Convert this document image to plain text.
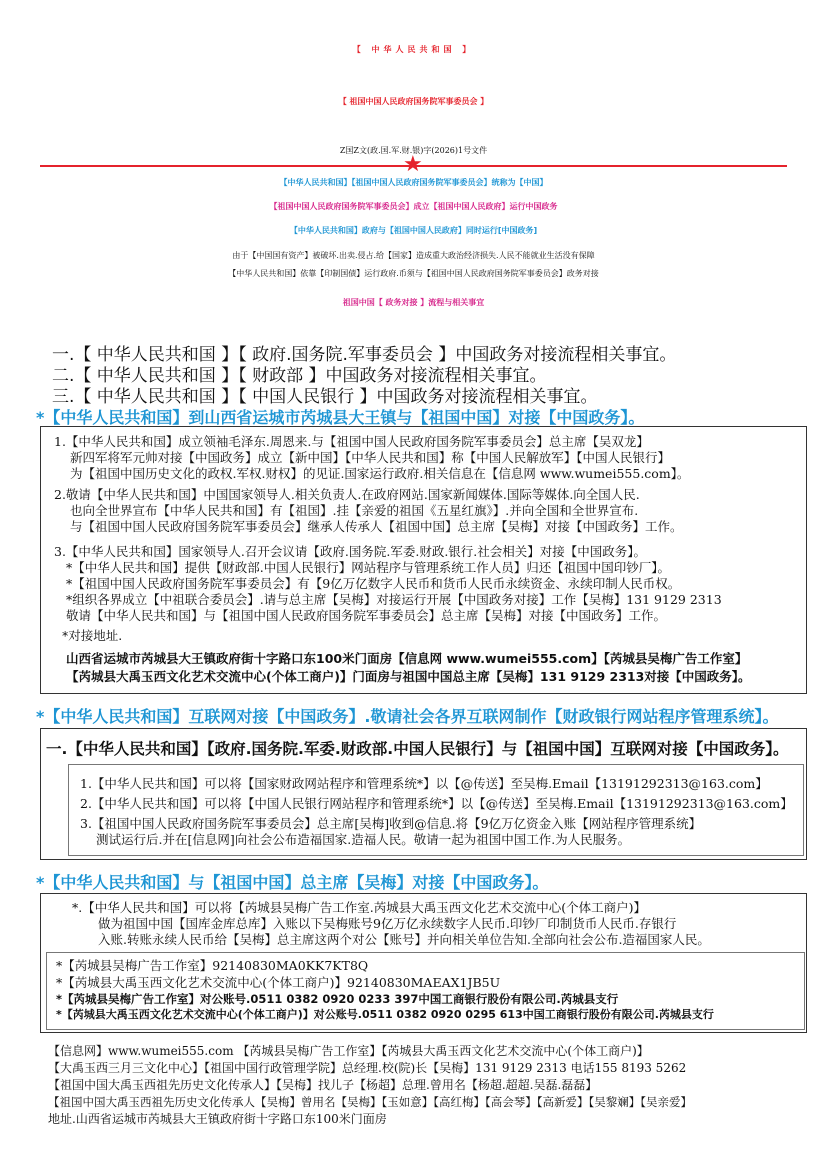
【 中华人民共和国 】
【 祖国中国人民政府国务院军事委员会 】
Z国Z文(政.国.军.财.银)字(2026)1号文件
★
【中华人民共和国】【祖国中国人民政府国务院军事委员会】统称为【中国】
【祖国中国人民政府国务院军事委员会】成立【祖国中国人民政府】运行中国政务
【中华人民共和国】政府与【祖国中国人民政府】同时运行[中国政务]
由于【中国国有资产】被破坏.出卖.侵占.给【国家】造成重大政治经济损失.人民不能就业生活没有保障
【中华人民共和国】依靠【印制国债】运行政府.币须与【祖国中国人民政府国务院军事委员会】政务对接
祖国中国【 政务对接 】流程与相关事宜
一.【 中华人民共和国 】【 政府.国务院.军事委员会 】中国政务对接流程相关事宜。
二.【 中华人民共和国 】【 财政部 】中国政务对接流程相关事宜。
三.【 中华人民共和国 】【 中国人民银行 】中国政务对接流程相关事宜。
*【中华人民共和国】到山西省运城市芮城县大王镇与【祖国中国】对接【中国政务】。
1.【中华人民共和国】成立领袖毛泽东.周恩来.与【祖国中国人民政府国务院军事委员会】总主席【吴双龙】
新四军将军元帅对接【中国政务】成立【新中国】【中华人民共和国】称【中国人民解放军】【中国人民银行】
为【祖国中国历史文化的政权.军权.财权】的见证.国家运行政府.相关信息在【信息网 www.wumei555.com】。
2.敬请【中华人民共和国】中国国家领导人.相关负责人.在政府网站.国家新闻媒体.国际等媒体.向全国人民.
也向全世界宣布【中华人民共和国】有【祖国】.挂【亲爱的祖国《五星红旗》】.并向全国和全世界宣布.
与【祖国中国人民政府国务院军事委员会】继承人传承人【祖国中国】总主席【吴梅】对接【中国政务】工作。
3.【中华人民共和国】国家领导人.召开会议请【政府.国务院.军委.财政.银行.社会相关】对接【中国政务】。
*【中华人民共和国】提供【财政部.中国人民银行】网站程序与管理系统工作人员】归还【祖国中国印钞厂】。
*【祖国中国人民政府国务院军事委员会】有【9亿万亿数字人民币和货币人民币永续资金、永续印制人民币权。
*组织各界成立【中祖联合委员会】.请与总主席【吴梅】对接运行开展【中国政务对接】工作【吴梅】131 9129 2313
敬请【中华人民共和国】与【祖国中国人民政府国务院军事委员会】总主席【吴梅】对接【中国政务】工作。
*对接地址.
山西省运城市芮城县大王镇政府街十字路口东100米门面房【信息网 www.wumei555.com】【芮城县吴梅广告工作室】
【芮城县大禹玉西文化艺术交流中心(个体工商户)】门面房与祖国中国总主席【吴梅】131 9129 2313对接【中国政务】。
*【中华人民共和国】互联网对接【中国政务】.敬请社会各界互联网制作【财政银行网站程序管理系统】。
一.【中华人民共和国】【政府.国务院.军委.财政部.中国人民银行】与【祖国中国】互联网对接【中国政务】。
1.【中华人民共和国】可以将【国家财政网站程序和管理系统*】以【@传送】至吴梅.Email【13191292313@163.com】
2.【中华人民共和国】可以将【中国人民银行网站程序和管理系统*】以【@传送】至吴梅.Email【13191292313@163.com】
3.【祖国中国人民政府国务院军事委员会】总主席[吴梅]收到@信息.将【9亿万亿资金入账【网站程序管理系统】
测试运行后.并在[信息网]向社会公布造福国家.造福人民。敬请一起为祖国中国工作.为人民服务。
*【中华人民共和国】与【祖国中国】总主席【吴梅】对接【中国政务】。
*.【中华人民共和国】可以将【芮城县吴梅广告工作室.芮城县大禹玉西文化艺术交流中心(个体工商户)】
做为祖国中国【国库金库总库】入账以下吴梅账号9亿万亿永续数字人民币.印钞厂印制货币人民币.存银行
入账.转账永续人民币给【吴梅】总主席这两个对公【账号】并向相关单位告知.全部向社会公布.造福国家人民。
*【芮城县吴梅广告工作室】92140830MA0KK7KT8Q
*【芮城县大禹玉西文化艺术交流中心(个体工商户)】92140830MAEAX1JB5U
*【芮城县吴梅广告工作室】对公账号.0511 0382 0920 0233 397中国工商银行股份有限公司.芮城县支行
*【芮城县大禹玉西文化艺术交流中心(个体工商户)】对公账号.0511 0382 0920 0295 613中国工商银行股份有限公司.芮城县支行
【信息网】www.wumei555.com 【芮城县吴梅广告工作室】【芮城县大禹玉西文化艺术交流中心(个体工商户)】
【大禹玉西三月三文化中心】【祖国中国行政管理学院】总经理.校(院)长【吴梅】131 9129 2313 电话155 8193 5262
【祖国中国大禹玉西祖先历史文化传承人】【吴梅】找儿子【杨超】总理.曾用名【杨超.超超.吴磊.磊磊】
【祖国中国大禹玉西祖先历史文化传承人【吴梅】曾用名【吴梅】【玉如意】【高红梅】【高会琴】【高新爱】【吴黎斓】【吴亲爱】
地址.山西省运城市芮城县大王镇政府街十字路口东100米门面房
